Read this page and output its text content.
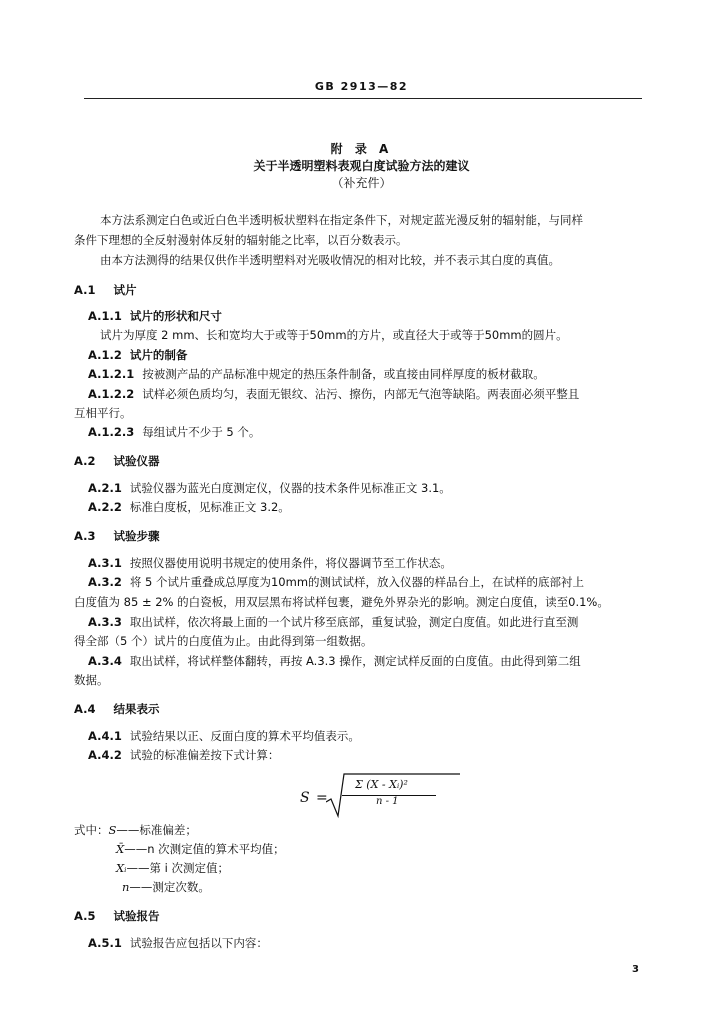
GB 2913—82
附 录 A
关于半透明塑料表观白度试验方法的建议
（补充件）
本方法系测定白色或近白色半透明板状塑料在指定条件下，对规定蓝光漫反射的辐射能，与同样
条件下理想的全反射漫射体反射的辐射能之比率，以百分数表示。
由本方法测得的结果仅供作半透明塑料对光吸收情况的相对比较，并不表示其白度的真值。
A.1 试片
A.1.1 试片的形状和尺寸
试片为厚度 2 mm、长和宽均大于或等于50mm的方片，或直径大于或等于50mm的圆片。
A.1.2 试片的制备
A.1.2.1 按被测产品的产品标准中规定的热压条件制备，或直接由同样厚度的板材截取。
A.1.2.2 试样必须色质均匀，表面无银纹、沾污、擦伤，内部无气泡等缺陷。两表面必须平整且
互相平行。
A.1.2.3 每组试片不少于 5 个。
A.2 试验仪器
A.2.1 试验仪器为蓝光白度测定仪，仪器的技术条件见标准正文 3.1。
A.2.2 标准白度板，见标准正文 3.2。
A.3 试验步骤
A.3.1 按照仪器使用说明书规定的使用条件，将仪器调节至工作状态。
A.3.2 将 5 个试片重叠成总厚度为10mm的测试试样，放入仪器的样品台上，在试样的底部衬上
白度值为 85 ± 2% 的白瓷板，用双层黑布将试样包裹，避免外界杂光的影响。测定白度值，读至0.1%。
A.3.3 取出试样，依次将最上面的一个试片移至底部，重复试验，测定白度值。如此进行直至测
得全部（5 个）试片的白度值为止。由此得到第一组数据。
A.3.4 取出试样，将试样整体翻转，再按 A.3.3 操作，测定试样反面的白度值。由此得到第二组
数据。
A.4 结果表示
A.4.1 试验结果以正、反面白度的算术平均值表示。
A.4.2 试验的标准偏差按下式计算：
S =
Σ (X - Xᵢ)²
n - 1
式中：S——标准偏差；
X̄——n 次测定值的算术平均值；
Xᵢ——第 i 次测定值；
n——测定次数。
A.5 试验报告
A.5.1 试验报告应包括以下内容：
3
